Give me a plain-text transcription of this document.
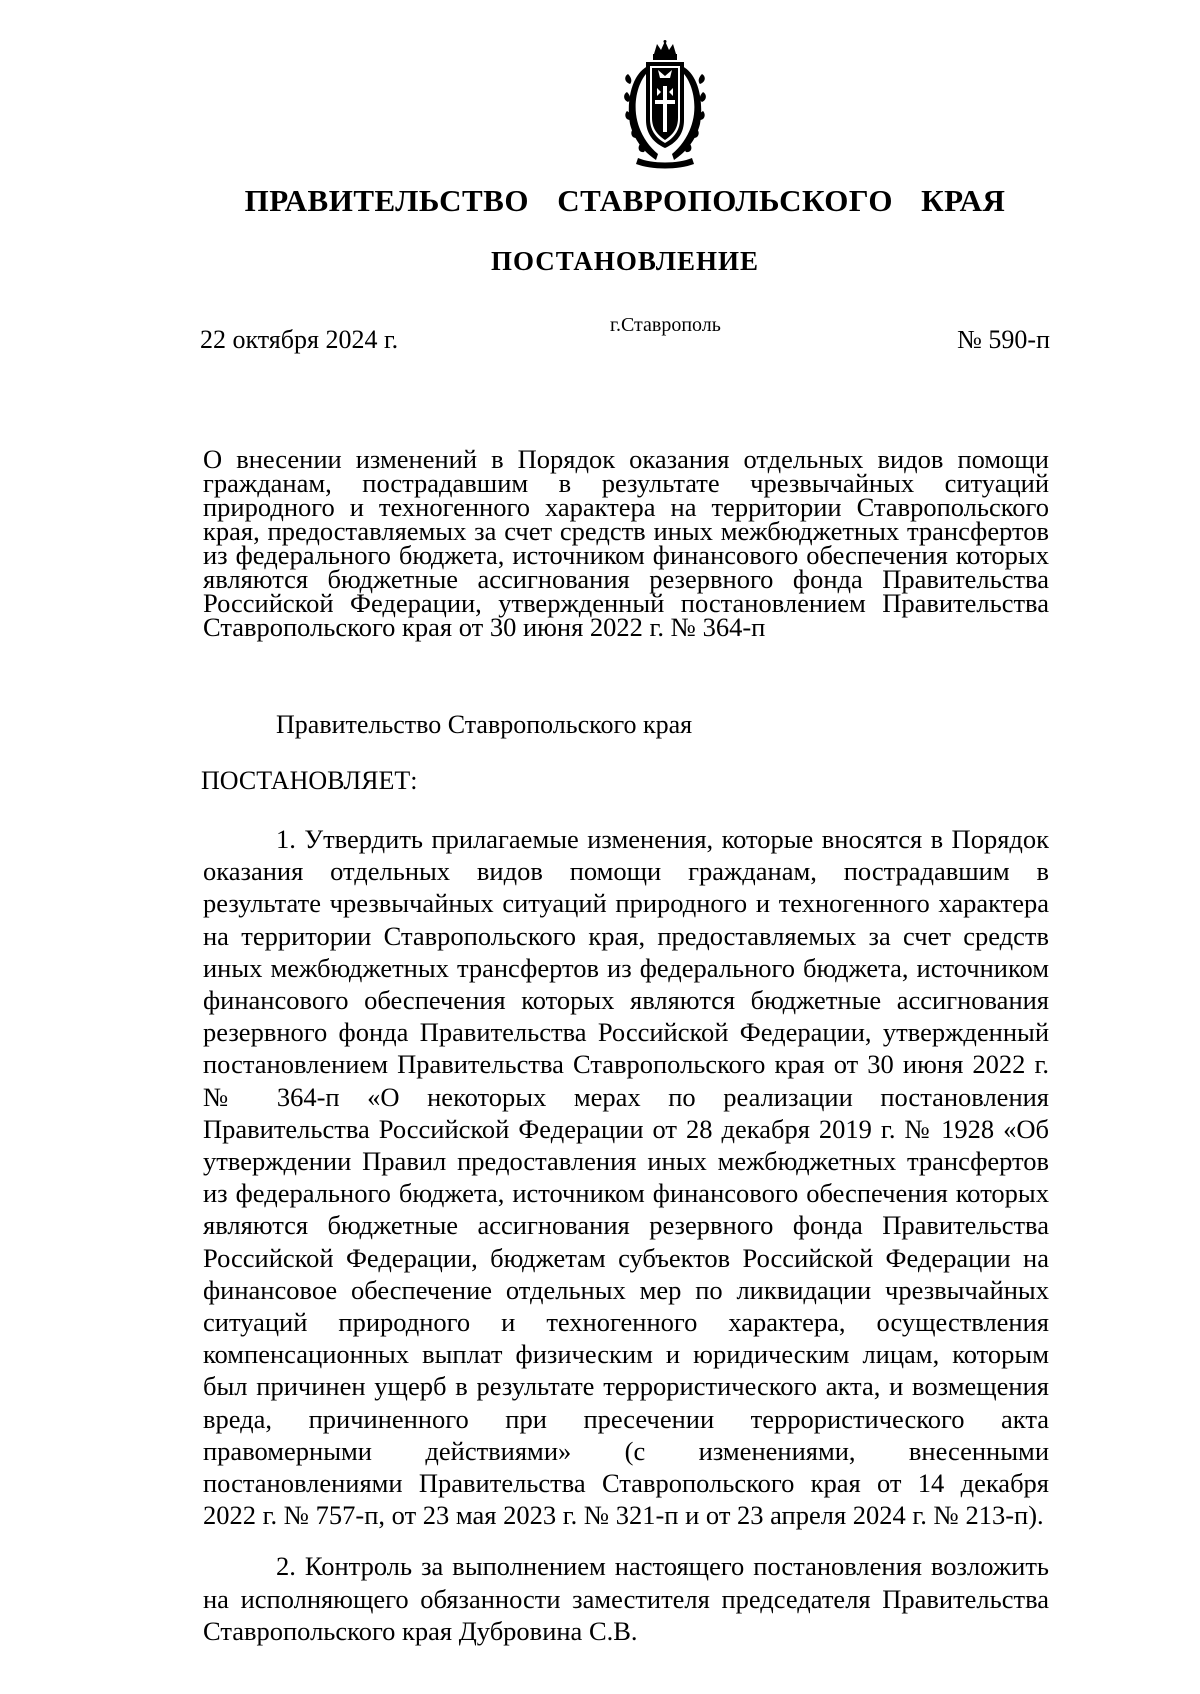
ПРАВИТЕЛЬСТВО СТАВРОПОЛЬСКОГО КРАЯ
ПОСТАНОВЛЕНИЕ
22 октября 2024 г.	г.Ставрополь	№ 590-п

О внесении изменений в Порядок оказания отдельных видов помощи гражданам, пострадавшим в результате чрезвычайных ситуаций природного и техногенного характера на территории Ставропольского края, предоставляемых за счет средств иных межбюджетных трансфертов из федерального бюджета, источником финансового обеспечения которых являются бюджетные ассигнования резервного фонда Правительства Российской Федерации, утвержденный постановлением Правительства Ставропольского края от 30 июня 2022 г. № 364-п

Правительство Ставропольского края
ПОСТАНОВЛЯЕТ:

1. Утвердить прилагаемые изменения, которые вносятся в Порядок оказания отдельных видов помощи гражданам, пострадавшим в результате чрезвычайных ситуаций природного и техногенного характера на территории Ставропольского края, предоставляемых за счет средств иных межбюджетных трансфертов из федерального бюджета, источником финансового обеспечения которых являются бюджетные ассигнования резервного фонда Правительства Российской Федерации, утвержденный постановлением Правительства Ставропольского края от 30 июня 2022 г. № 364-п «О некоторых мерах по реализации постановления Правительства Российской Федерации от 28 декабря 2019 г. № 1928 «Об утверждении Правил предоставления иных межбюджетных трансфертов из федерального бюджета, источником финансового обеспечения которых являются бюджетные ассигнования резервного фонда Правительства Российской Федерации, бюджетам субъектов Российской Федерации на финансовое обеспечение отдельных мер по ликвидации чрезвычайных ситуаций природного и техногенного характера, осуществления компенсационных выплат физическим и юридическим лицам, которым был причинен ущерб в результате террористического акта, и возмещения вреда, причиненного при пресечении террористического акта правомерными действиями» (с изменениями, внесенными постановлениями Правительства Ставропольского края от 14 декабря 2022 г. № 757-п, от 23 мая 2023 г. № 321-п и от 23 апреля 2024 г. № 213-п).

2. Контроль за выполнением настоящего постановления возложить на исполняющего обязанности заместителя председателя Правительства Ставропольского края Дубровина С.В.
